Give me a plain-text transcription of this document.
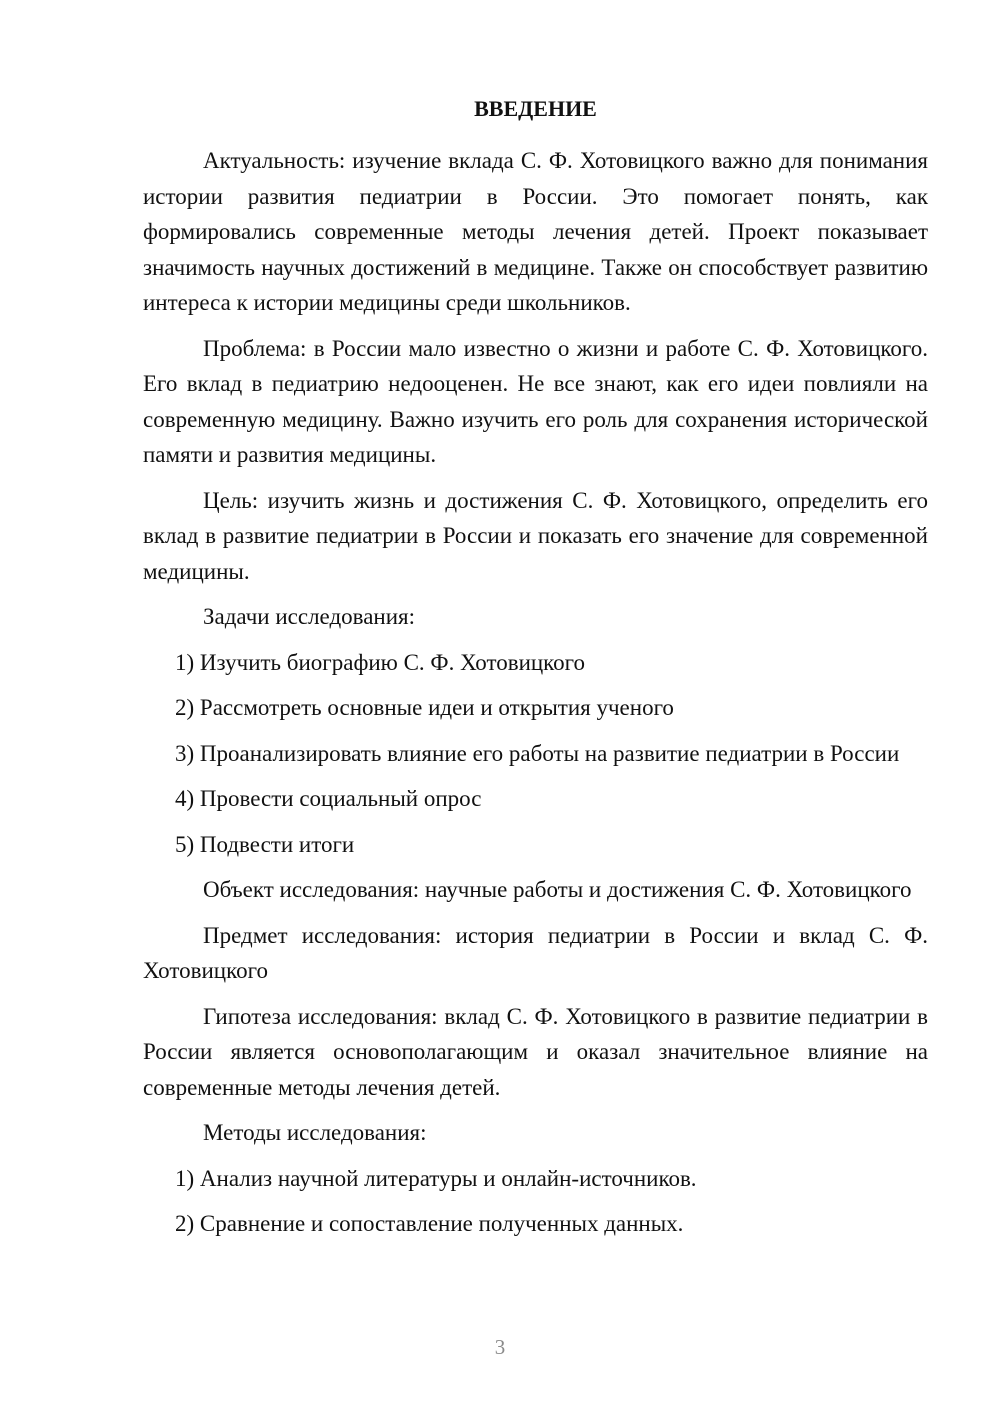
ВВЕДЕНИЕ

Актуальность: изучение вклада С. Ф. Хотовицкого важно для понимания истории развития педиатрии в России. Это помогает понять, как формировались современные методы лечения детей. Проект показывает значимость научных достижений в медицине. Также он способствует развитию интереса к истории медицины среди школьников.

Проблема: в России мало известно о жизни и работе С. Ф. Хотовицкого. Его вклад в педиатрию недооценен. Не все знают, как его идеи повлияли на современную медицину. Важно изучить его роль для сохранения исторической памяти и развития медицины.

Цель: изучить жизнь и достижения С. Ф. Хотовицкого, определить его вклад в развитие педиатрии в России и показать его значение для современной медицины.

Задачи исследования:

1) Изучить биографию С. Ф. Хотовицкого

2) Рассмотреть основные идеи и открытия ученого

3) Проанализировать влияние его работы на развитие педиатрии в России

4) Провести социальный опрос

5) Подвести итоги

Объект исследования: научные работы и достижения С. Ф. Хотовицкого

Предмет исследования: история педиатрии в России и вклад С. Ф. Хотовицкого

Гипотеза исследования: вклад С. Ф. Хотовицкого в развитие педиатрии в России является основополагающим и оказал значительное влияние на современные методы лечения детей.

Методы исследования:

1) Анализ научной литературы и онлайн-источников.

2) Сравнение и сопоставление полученных данных.

3
